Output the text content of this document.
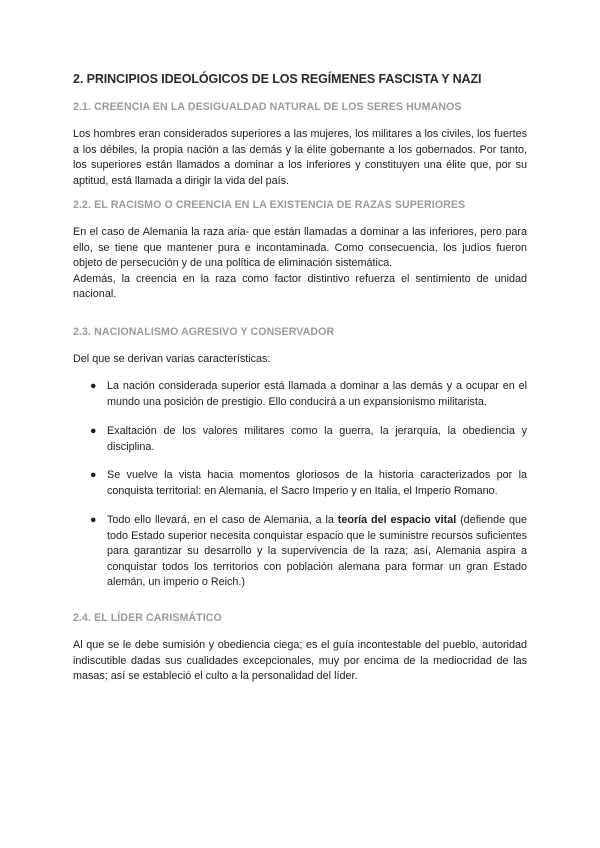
2. PRINCIPIOS IDEOLÓGICOS DE LOS REGÍMENES FASCISTA Y NAZI
2.1. CREENCIA EN LA DESIGUALDAD NATURAL DE LOS SERES HUMANOS

Los hombres eran considerados superiores a las mujeres, los militares a los civiles, los fuertes a los débiles, la propia nación a las demás y la élite gobernante a los gobernados. Por tanto, los superiores están llamados a dominar a los inferiores y constituyen una élite que, por su aptitud, está llamada a dirigir la vida del país.

2.2. EL RACISMO O CREENCIA EN LA EXISTENCIA DE RAZAS SUPERIORES

En el caso de Alemania la raza aria- que están llamadas a dominar a las inferiores, pero para ello, se tiene que mantener pura e incontaminada. Como consecuencia, los judíos fueron objeto de persecución y de una política de eliminación sistemática.

Además, la creencia en la raza como factor distintivo refuerza el sentimiento de unidad nacional.

2.3. NACIONALISMO AGRESIVO Y CONSERVADOR

Del que se derivan varias características:

● La nación considerada superior está llamada a dominar a las demás y a ocupar en el mundo una posición de prestigio. Ello conducirá a un expansionismo militarista.
● Exaltación de los valores militares como la guerra, la jerarquía, la obediencia y disciplina.
● Se vuelve la vista hacia momentos gloriosos de la historia caracterizados por la conquista territorial: en Alemania, el Sacro Imperio y en Italia, el Imperio Romano.
● Todo ello llevará, en el caso de Alemania, a la teoría del espacio vital (defiende que todo Estado superior necesita conquistar espacio que le suministre recursos suficientes para garantizar su desarrollo y la supervivencia de la raza; así, Alemania aspira a conquistar todos los territorios con población alemana para formar un gran Estado alemán, un imperio o Reich.)
2.4. EL LÍDER CARISMÁTICO

Al que se le debe sumisión y obediencia ciega; es el guía incontestable del pueblo, autoridad indiscutible dadas sus cualidades excepcionales, muy por encima de la mediocridad de las masas; así se estableció el culto a la personalidad del líder.
